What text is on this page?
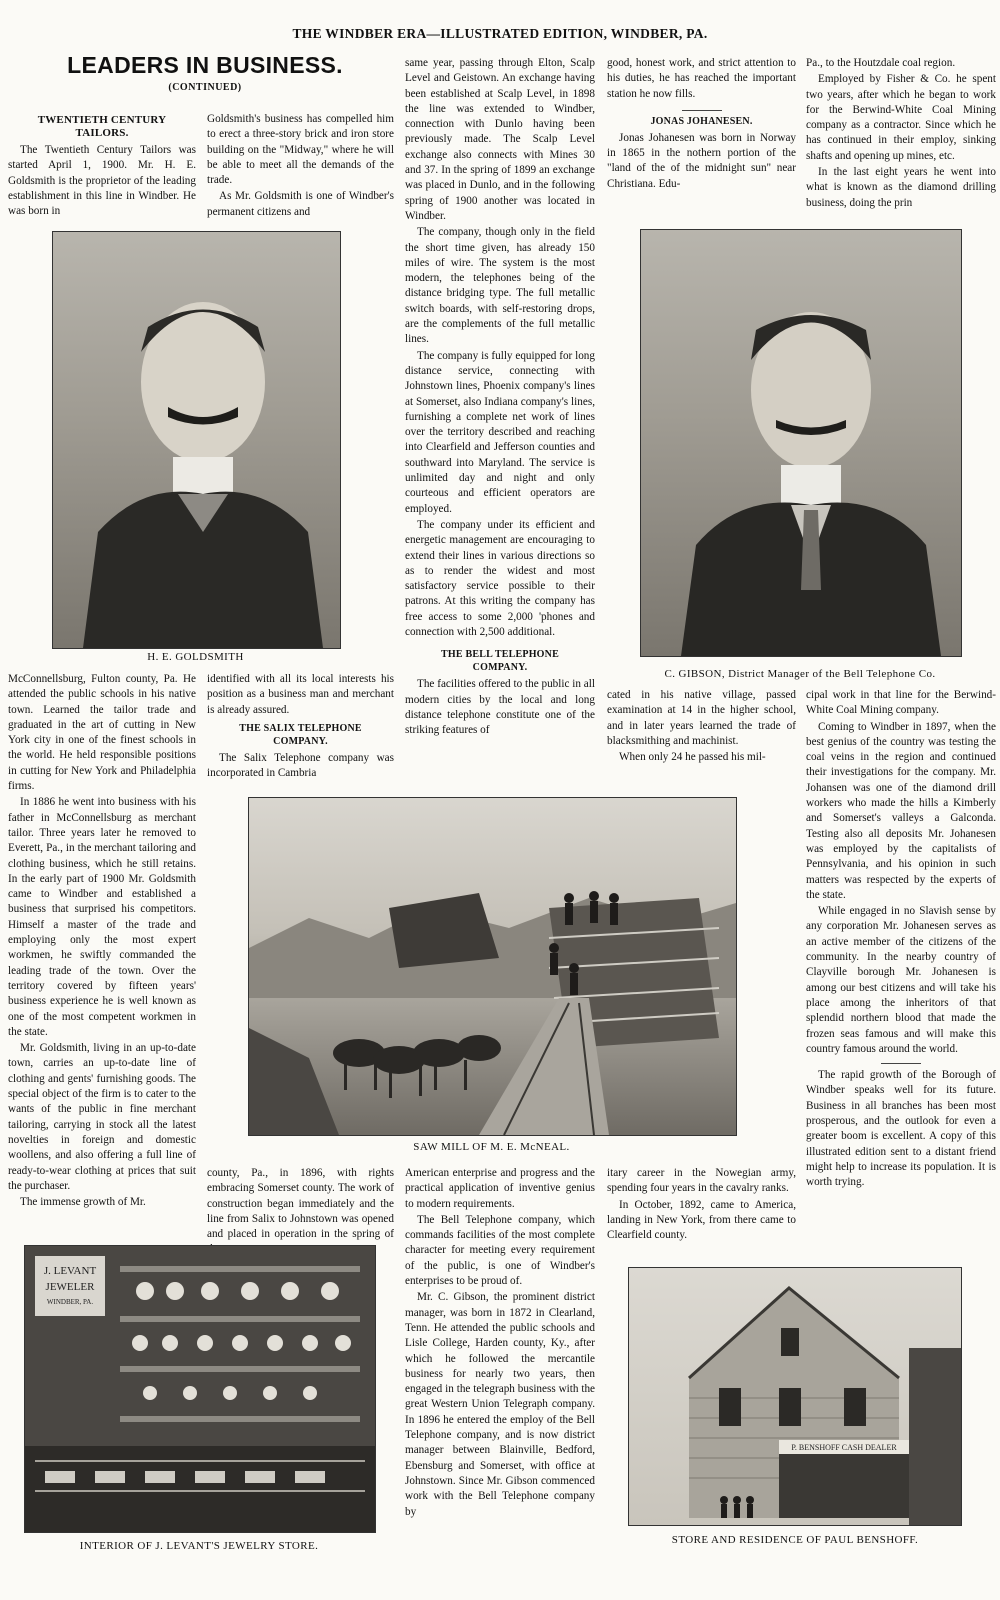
THE WINDBER ERA—ILLUSTRATED EDITION, WINDBER, PA.
LEADERS IN BUSINESS.
(CONTINUED)
TWENTIETH CENTURY
TAILORS.

The Twentieth Century Tailors was started April 1, 1900. Mr. H. E. Goldsmith is the proprietor of the leading establishment in this line in Windber. He was born in

Goldsmith's business has compelled him to erect a three-story brick and iron store building on the "Midway," where he will be able to meet all the demands of the trade.

As Mr. Goldsmith is one of Windber's permanent citizens and

H. E. GOLDSMITH

McConnellsburg, Fulton county, Pa. He attended the public schools in his native town. Learned the tailor trade and graduated in the art of cutting in New York city in one of the finest schools in the world. He held responsible positions in cutting for New York and Philadelphia firms.

In 1886 he went into business with his father in McConnellsburg as merchant tailor. Three years later he removed to Everett, Pa., in the merchant tailoring and clothing business, which he still retains. In the early part of 1900 Mr. Goldsmith came to Windber and established a business that surprised his competitors. Himself a master of the trade and employing only the most expert workmen, he swiftly commanded the leading trade of the town. Over the territory covered by fifteen years' business experience he is well known as one of the most competent workmen in the state.

Mr. Goldsmith, living in an up-to-date town, carries an up-to-date line of clothing and gents' furnishing goods. The special object of the firm is to cater to the wants of the public in fine merchant tailoring, carrying in stock all the latest novelties in foreign and domestic woollens, and also offering a full line of ready-to-wear clothing at prices that suit the purchaser.

The immense growth of Mr.

identified with all its local interests his position as a business man and merchant is already assured.

THE SALIX TELEPHONE
COMPANY.

The Salix Telephone company was incorporated in Cambria

county, Pa., in 1896, with rights embracing Somerset county. The work of construction began immediately and the line from Salix to Johnstown was opened and placed in operation in the spring of

same year, passing through Elton, Scalp Level and Geistown. An exchange having been established at Scalp Level, in 1898 the line was extended to Windber, connection with Dunlo having been previously made. The Scalp Level exchange also connects with Mines 30 and 37. In the spring of 1899 an exchange was placed in Dunlo, and in the following spring of 1900 another was located in Windber.

The company, though only in the field the short time given, has already 150 miles of wire. The system is the most modern, the telephones being of the distance bridging type. The full metallic switch boards, with self-restoring drops, are the complements of the full metallic lines.

The company is fully equipped for long distance service, connecting with Johnstown lines, Phoenix company's lines at Somerset, also Indiana company's lines, furnishing a complete net work of lines over the territory described and reaching into Clearfield and Jefferson counties and southward into Maryland. The service is unlimited day and night and only courteous and efficient operators are employed.

The company under its efficient and energetic management are encouraging to extend their lines in various directions so as to render the widest and most satisfactory service possible to their patrons. At this writing the company has free access to some 2,000 'phones and connection with 2,500 additional.

THE BELL TELEPHONE
COMPANY.

The facilities offered to the public in all modern cities by the local and long distance telephone constitute one of the striking features of

American enterprise and progress and the practical application of inventive genius to modern requirements.

The Bell Telephone company, which commands facilities of the most complete character for meeting every requirement of the public, is one of Windber's enterprises to be proud of.

Mr. C. Gibson, the prominent district manager, was born in 1872 in Clearland, Tenn. He attended the public schools and Lisle College, Harden county, Ky., after which he followed the mercantile business for nearly two years, then engaged in the telegraph business with the great Western Union Telegraph company. In 1896 he entered the employ of the Bell Telephone company, and is now district manager between Blainville, Bedford, Ebensburg and Somerset, with office at Johnstown. Since Mr. Gibson commenced work with the Bell Telephone company by

good, honest work, and strict attention to his duties, he has reached the important station he now fills.

JONAS JOHANESEN.

Jonas Johanesen was born in Norway in 1865 in the nothern portion of the "land of the of the midnight sun" near Christiana. Edu-

Pa., to the Houtzdale coal region.

Employed by Fisher & Co. he spent two years, after which he began to work for the Berwind-White Coal Mining company as a contractor. Since which he has continued in their employ, sinking shafts and opening up mines, etc.

In the last eight years he went into what is known as the diamond drilling business, doing the prin

C. GIBSON, District Manager of the Bell Telephone Co.

cated in his native village, passed examination at 14 in the higher school, and in later years learned the trade of blacksmithing and machinist.

When only 24 he passed his mil-

cipal work in that line for the Berwind-White Coal Mining company.

Coming to Windber in 1897, when the best genius of the country was testing the coal veins in the region and continued their investigations for the company. Mr. Johansen was one of the diamond drill workers who made the hills a Kimberly and Somerset's valleys a Galconda. Testing also all deposits Mr. Johanesen was employed by the capitalists of Pennsylvania, and his opinion in such matters was respected by the experts of the state.

While engaged in no Slavish sense by any corporation Mr. Johanesen serves as an active member of the citizens of the community. In the nearby country of Clayville borough Mr. Johanesen is among our best citizens and will take his place among the inheritors of that splendid northern blood that made the frozen seas famous and will make this country famous around the world.

The rapid growth of the Borough of Windber speaks well for its future. Business in all branches has been most prosperous, and the outlook for even a greater boom is excellent. A copy of this illustrated edition sent to a distant friend might help to increase its population. It is worth trying.

SAW MILL OF M. E. McNEAL.

itary career in the Nowegian army, spending four years in the cavalry ranks.

In October, 1892, came to America, landing in New York, from there came to Clearfield county.

J. LEVANT
JEWELER
WINDBER, PA.
INTERIOR OF J. LEVANT'S JEWELRY STORE.
P. BENSHOFF CASH DEALER
STORE AND RESIDENCE OF PAUL BENSHOFF.
